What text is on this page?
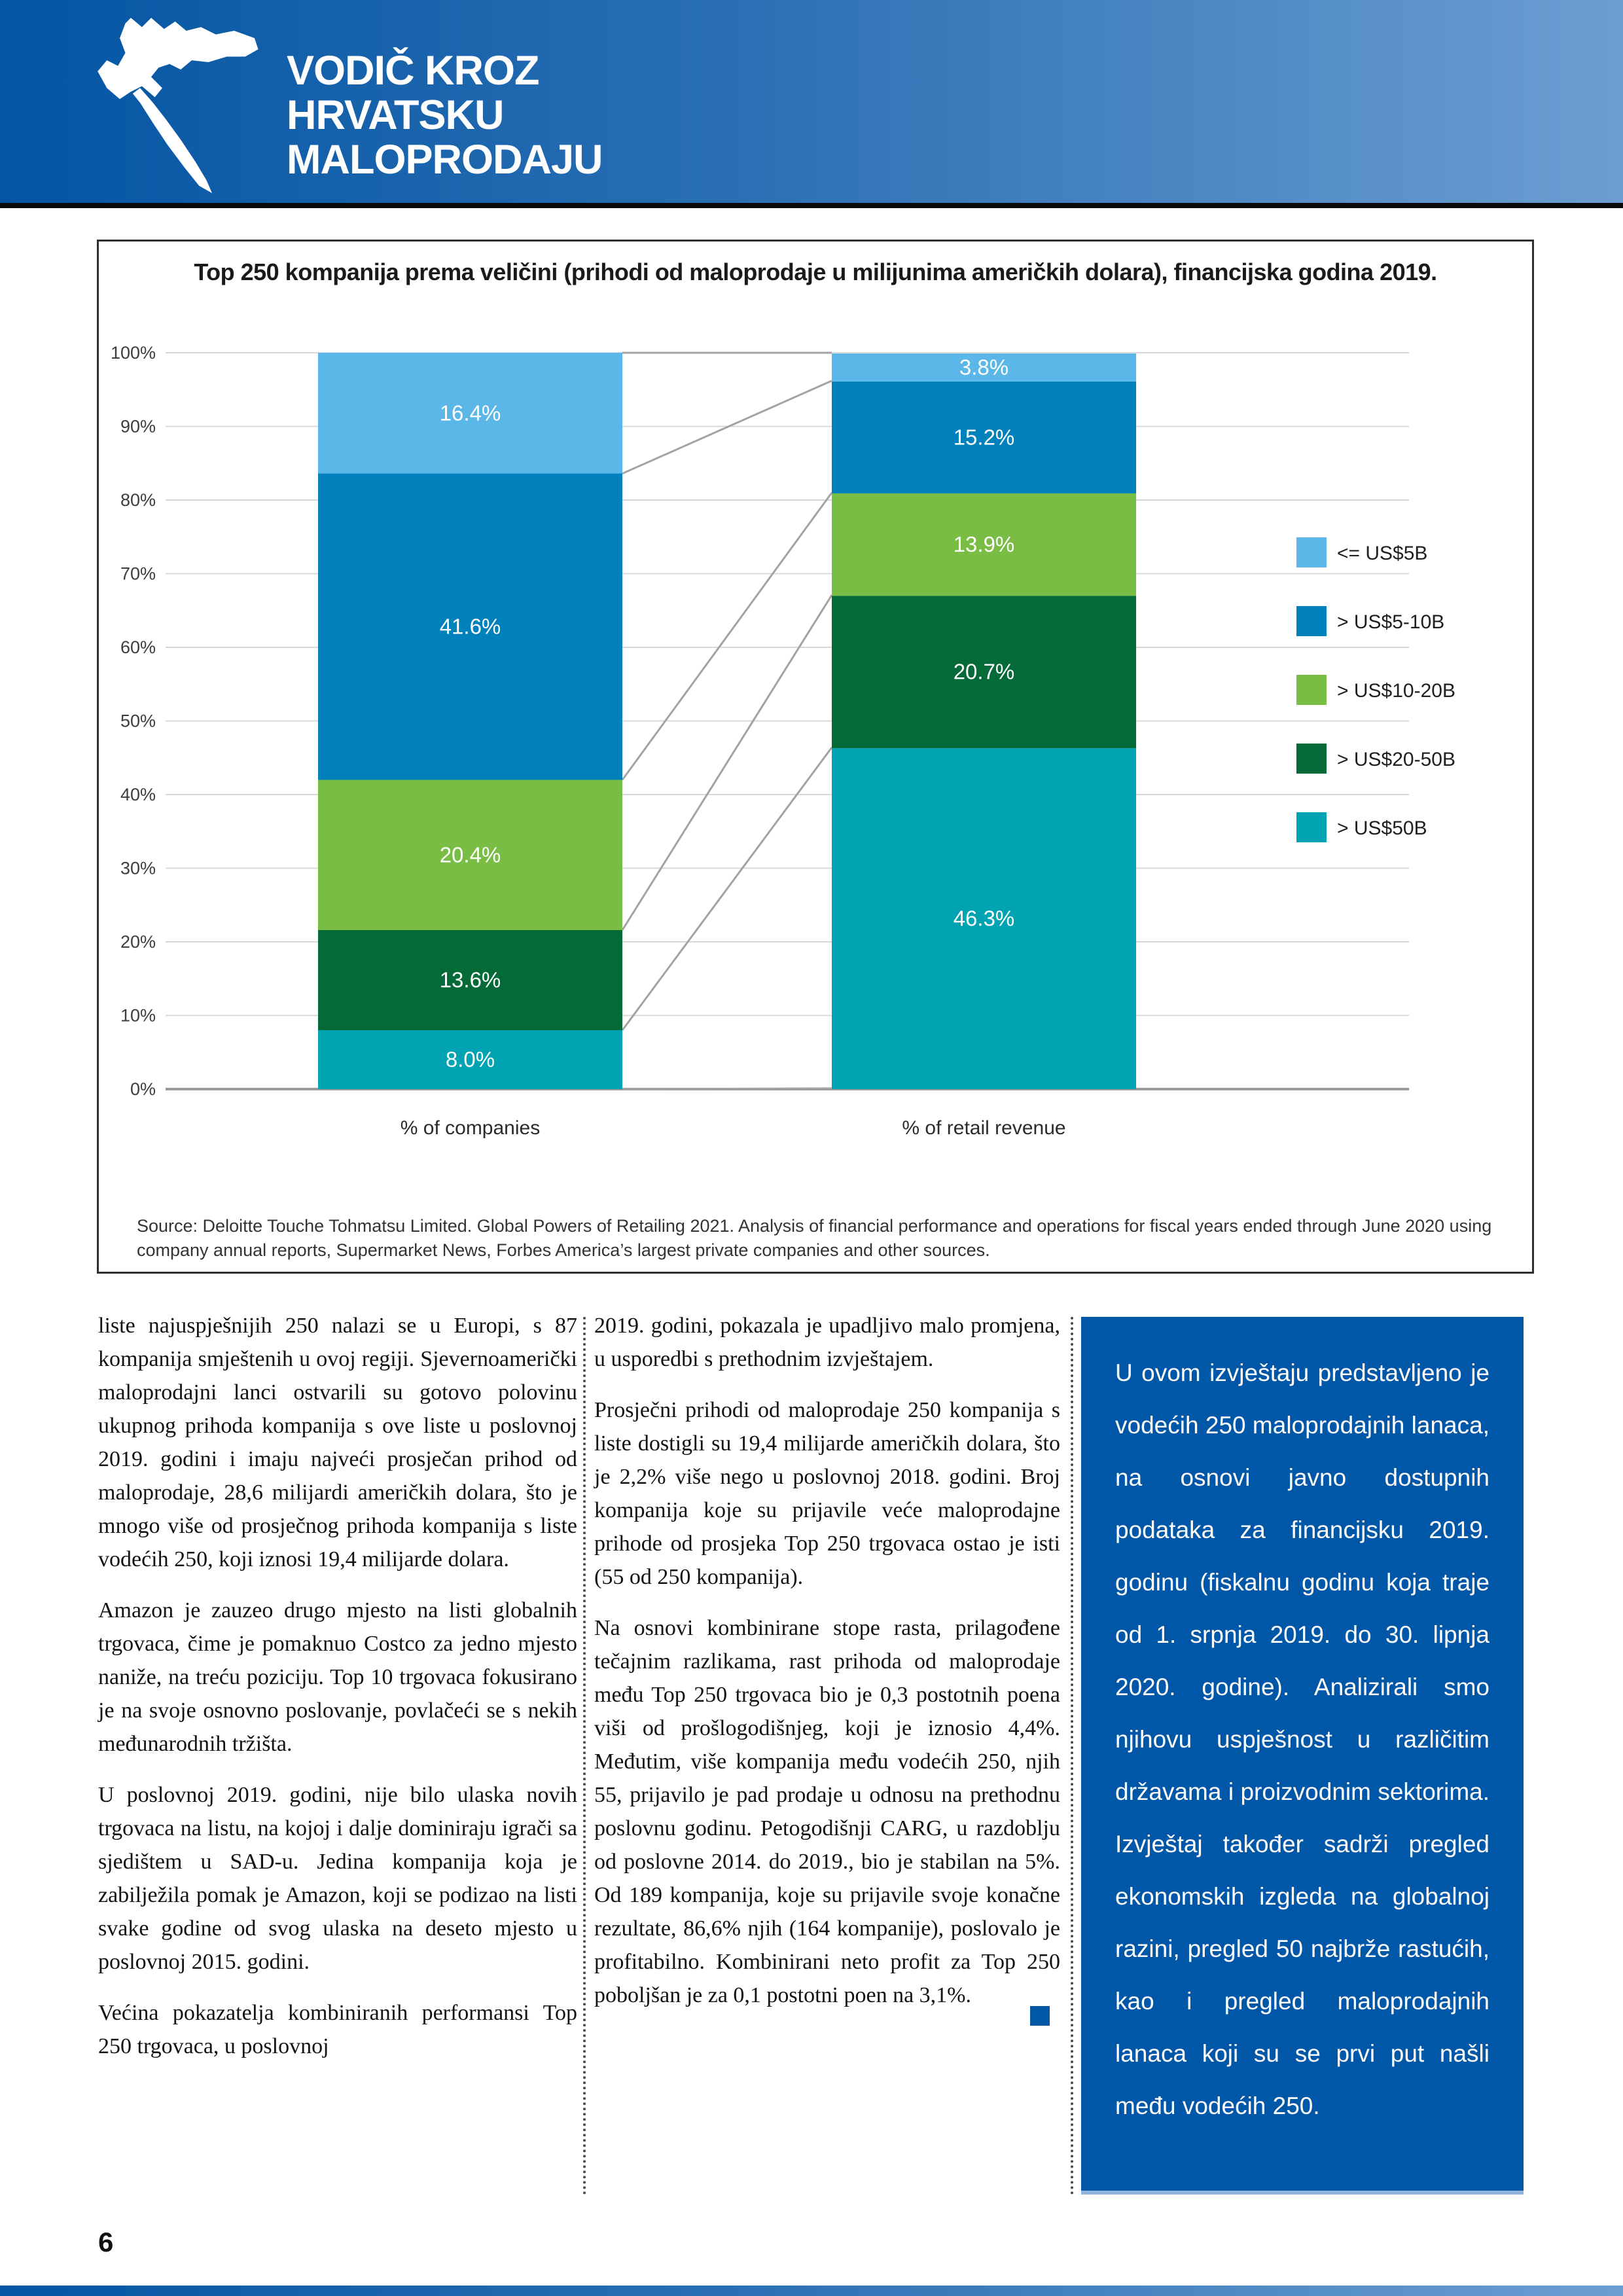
VODIČ KROZ
HRVATSKU
MALOPRODAJU
100%
90%
80%
70%
60%
50%
40%
30%
20%
10%
0%
8.0%
13.6%
20.4%
41.6%
16.4%
% of companies
46.3%
20.7%
13.9%
15.2%
3.8%
% of retail revenue
<= US$5B
> US$5-10B
> US$10-20B
> US$20-50B
> US$50B
Top 250 kompanija prema veličini (prihodi od maloprodaje u milijunima američkih dolara), financijska godina 2019.
Source: Deloitte Touche Tohmatsu Limited. Global Powers of Retailing 2021. Analysis of financial performance and operations for fiscal years ended through June 2020 using company annual reports, Supermarket News, Forbes America’s largest private companies and other sources.

liste najuspješnijih 250 nalazi se u Europi, s 87 kompanija smještenih u ovoj regiji. Sjevernoamerički maloprodajni lanci ostvarili su gotovo polovinu ukupnog prihoda kompanija s ove liste u poslovnoj 2019. godini i imaju najveći prosječan prihod od maloprodaje, 28,6 milijardi američkih dolara, što je mnogo više od prosječnog prihoda kompanija s liste vodećih 250, koji iznosi 19,4 milijarde dolara.

Amazon je zauzeo drugo mjesto na listi globalnih trgovaca, čime je pomaknuo Costco za jedno mjesto naniže, na treću poziciju. Top 10 trgovaca fokusirano je na svoje osnovno poslovanje, povlačeći se s nekih međunarodnih tržišta.

U poslovnoj 2019. godini, nije bilo ulaska novih trgovaca na listu, na kojoj i dalje dominiraju igrači sa sjedištem u SAD-u. Jedina kompanija koja je zabilježila pomak je Amazon, koji se podizao na listi svake godine od svog ulaska na deseto mjesto u poslovnoj 2015. godini.

Većina pokazatelja kombiniranih performansi Top 250 trgovaca, u poslovnoj

2019. godini, pokazala je upadljivo malo promjena, u usporedbi s prethodnim izvještajem.

Prosječni prihodi od maloprodaje 250 kompanija s liste dostigli su 19,4 milijarde američkih dolara, što je 2,2% više nego u poslovnoj 2018. godini. Broj kompanija koje su prijavile veće maloprodajne prihode od prosjeka Top 250 trgovaca ostao je isti (55 od 250 kompanija).

Na osnovi kombinirane stope rasta, prilagođene tečajnim razlikama, rast prihoda od maloprodaje među Top 250 trgovaca bio je 0,3 postotnih poena viši od prošlogodišnjeg, koji je iznosio 4,4%. Međutim, više kompanija među vodećih 250, njih 55, prijavilo je pad prodaje u odnosu na prethodnu poslovnu godinu. Petogodišnji CARG, u razdoblju od poslovne 2014. do 2019., bio je stabilan na 5%. Od 189 kompanija, koje su prijavile svoje konačne rezultate, 86,6% njih (164 kompanije), poslovalo je profitabilno. Kombinirani neto profit za Top 250 poboljšan je za 0,1 postotni poen na 3,1%.

U ovom izvještaju predstavljeno je vodećih 250 maloprodajnih lanaca, na osnovi javno dostupnih podataka za financijsku 2019. godinu (fiskalnu godinu koja traje od 1. srpnja 2019. do 30. lipnja 2020. godine). Analizirali smo njihovu uspješnost u različitim državama i proizvodnim sektorima. Izvještaj također sadrži pregled ekonomskih izgleda na globalnoj razini, pregled 50 najbrže rastućih, kao i pregled maloprodajnih lanaca koji su se prvi put našli među vodećih 250.
6
